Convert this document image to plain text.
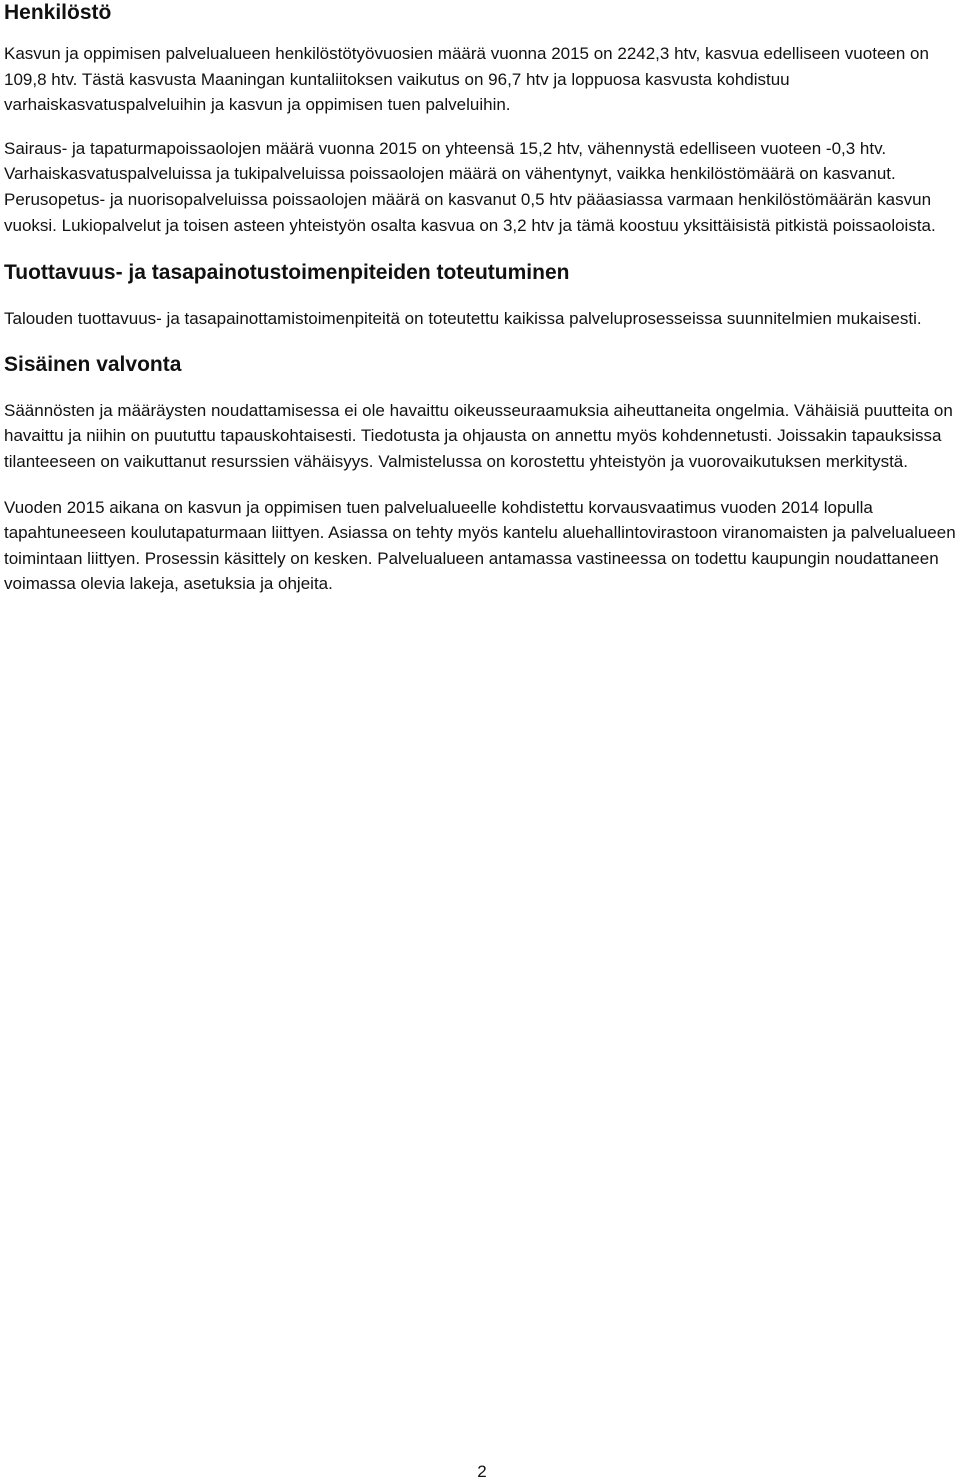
Henkilöstö

Kasvun ja oppimisen palvelualueen henkilöstötyövuosien määrä vuonna 2015 on 2242,3 htv, kasvua edelliseen vuoteen on 109,8 htv. Tästä kasvusta Maaningan kuntaliitoksen vaikutus on 96,7 htv ja loppuosa kasvusta kohdistuu varhaiskasvatuspalveluihin ja kasvun ja oppimisen tuen palveluihin.

Sairaus- ja tapaturmapoissaolojen määrä vuonna 2015 on yhteensä 15,2 htv, vähennystä edelliseen vuoteen -0,3 htv. Varhaiskasvatuspalveluissa ja tukipalveluissa poissaolojen määrä on vähentynyt, vaikka henkilöstömäärä on kasvanut. Perusopetus- ja nuorisopalveluissa poissaolojen määrä on kasvanut 0,5 htv pääasiassa varmaan henkilöstömäärän kasvun vuoksi. Lukiopalvelut ja toisen asteen yhteistyön osalta kasvua on 3,2 htv ja tämä koostuu yksittäisistä pitkistä poissaoloista.

Tuottavuus- ja tasapainotustoimenpiteiden toteutuminen

Talouden tuottavuus- ja tasapainottamistoimenpiteitä on toteutettu kaikissa palveluprosesseissa suunnitelmien mukaisesti.

Sisäinen valvonta

Säännösten ja määräysten noudattamisessa ei ole havaittu oikeusseuraamuksia aiheuttaneita ongelmia. Vähäisiä puutteita on havaittu ja niihin on puututtu tapauskohtaisesti. Tiedotusta ja ohjausta on annettu myös kohdennetusti. Joissakin tapauksissa tilanteeseen on vaikuttanut resurssien vähäisyys. Valmistelussa on korostettu yhteistyön ja vuorovaikutuksen merkitystä.

Vuoden 2015 aikana on kasvun ja oppimisen tuen palvelualueelle kohdistettu korvausvaatimus vuoden 2014 lopulla tapahtuneeseen koulutapaturmaan liittyen. Asiassa on tehty myös kantelu aluehallintovirastoon viranomaisten ja palvelualueen toimintaan liittyen. Prosessin käsittely on kesken. Palvelualueen antamassa vastineessa on todettu kaupungin noudattaneen voimassa olevia lakeja, asetuksia ja ohjeita.

2
